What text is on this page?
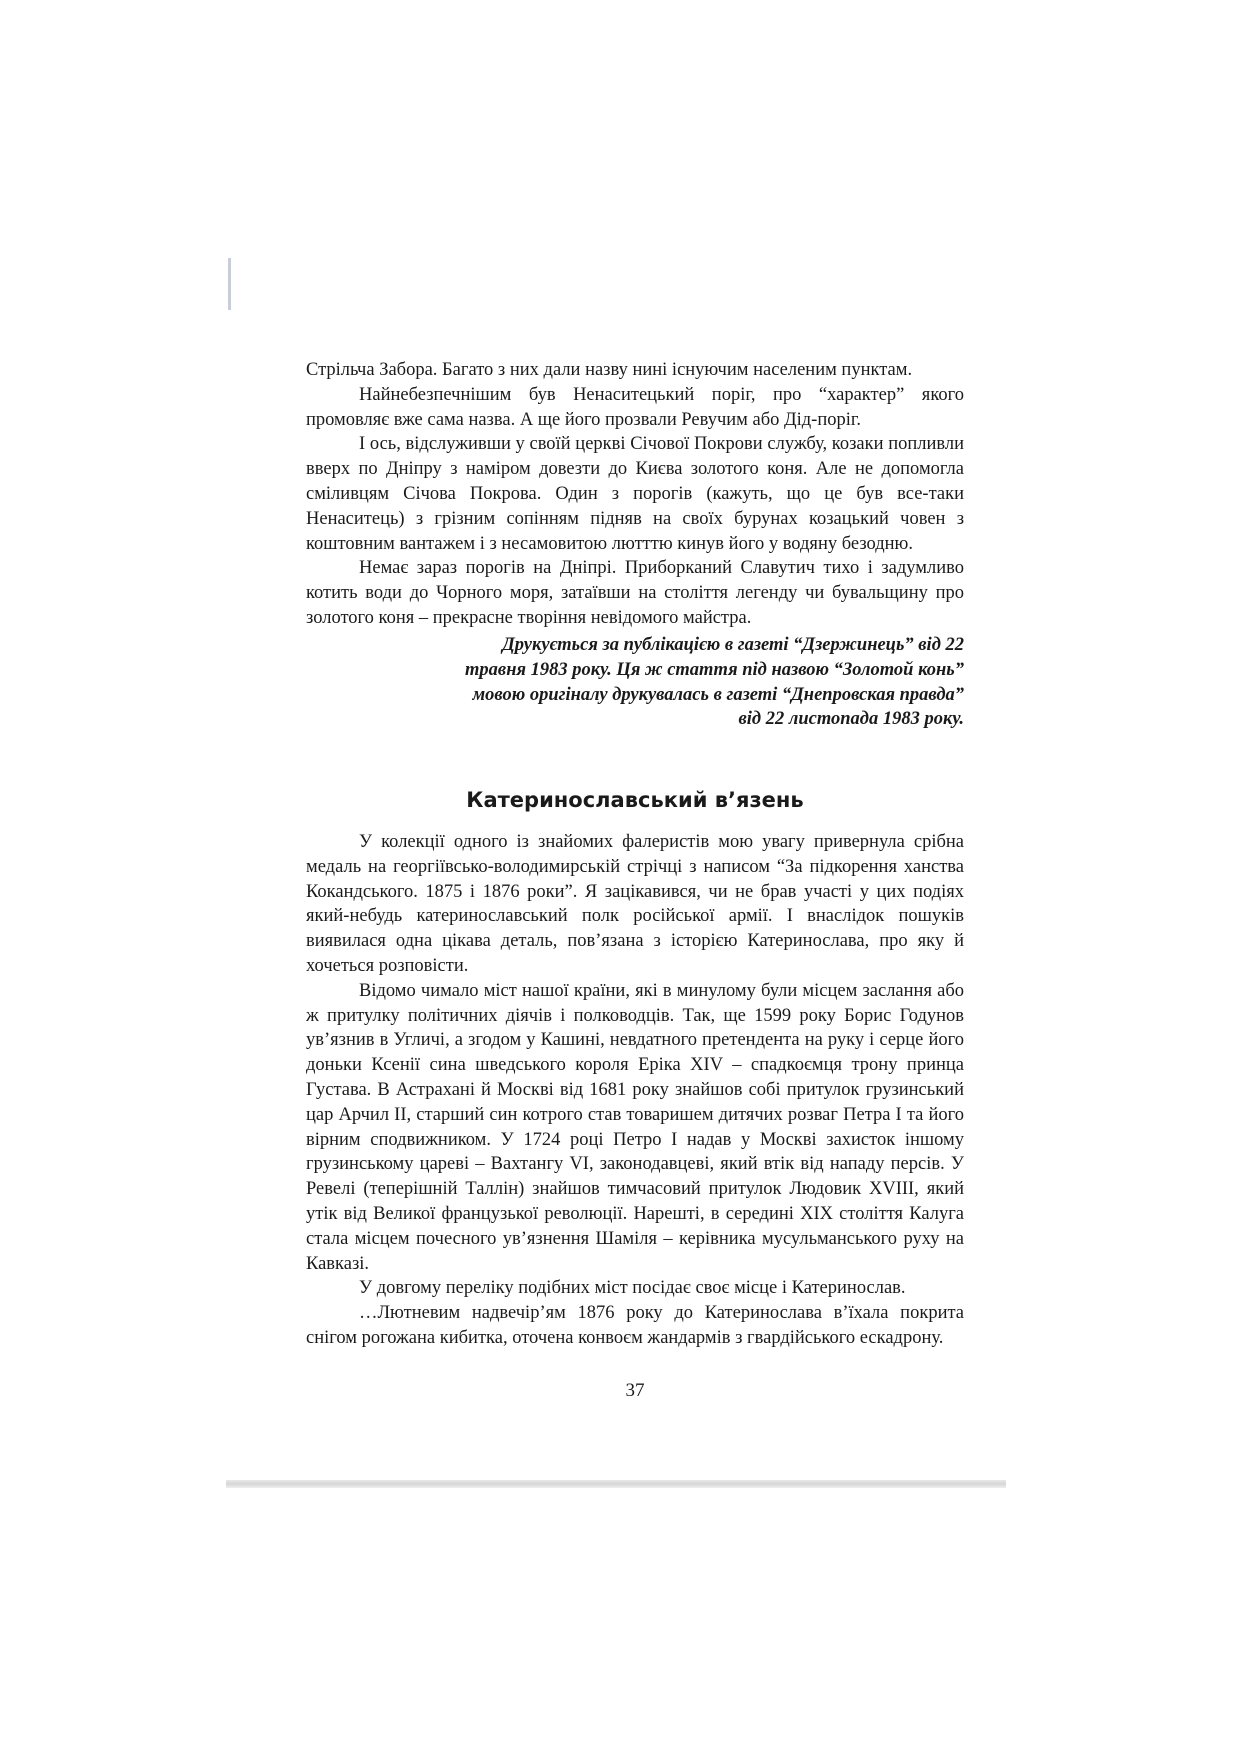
Стрільча Забора. Багато з них дали назву нині існуючим населеним пунктам.

Найнебезпечнішим був Ненаситецький поріг, про “характер” якого промовляє вже сама назва. А ще його прозвали Ревучим або Дід-поріг.

І ось, відслуживши у своїй церкві Січової Покрови службу, козаки попливли вверх по Дніпру з наміром довезти до Києва золотого коня. Але не допомогла сміливцям Січова Покрова. Один з порогів (кажуть, що це був все-таки Ненаситець) з грізним сопінням підняв на своїх бурунах козацький човен з коштовним вантажем і з несамовитою лютттю кинув його у водяну безодню.

Немає зараз порогів на Дніпрі. Приборканий Славутич тихо і задумливо котить води до Чорного моря, затаївши на століття легенду чи бувальщину про золотого коня – прекрасне творіння невідомого майстра.

Друкується за публікацією в газеті “Дзержинець” від 22
травня 1983 року. Ця ж стаття під назвою “Золотой конь”
мовою оригіналу друкувалась в газеті “Днепровская правда”
від 22 листопада 1983 року.
Катеринославський в’язень

У колекції одного із знайомих фалеристів мою увагу привернула срібна медаль на георгіївсько-володимирській стрічці з написом “За підкорення ханства Кокандського. 1875 і 1876 роки”. Я зацікавився, чи не брав участі у цих подіях який-небудь катеринославський полк російської армії. І внаслідок пошуків виявилася одна цікава деталь, пов’язана з історією Катеринослава, про яку й хочеться розповісти.

Відомо чимало міст нашої країни, які в минулому були місцем заслання або ж притулку політичних діячів і полководців. Так, ще 1599 року Борис Годунов ув’язнив в Угличі, а згодом у Кашині, невдатного претендента на руку і серце його доньки Ксенії сина шведського короля Еріка XIV – спадкоємця трону принца Густава. В Астрахані й Москві від 1681 року знайшов собі притулок грузинський цар Арчил ІІ, старший син котрого став товаришем дитячих розваг Петра І та його вірним сподвижником. У 1724 році Петро І надав у Москві захисток іншому грузинському цареві – Вахтангу VI, законодавцеві, який втік від нападу персів. У Ревелі (теперішній Таллін) знайшов тимчасовий притулок Людовик XVIII, який утік від Великої французької революції. Нарешті, в середині ХІХ століття Калуга стала місцем почесного ув’язнення Шаміля – керівника мусульманського руху на Кавказі.

У довгому переліку подібних міст посідає своє місце і Катеринослав.

…Лютневим надвечір’ям 1876 року до Катеринослава в’їхала покрита снігом рогожана кибитка, оточена конвоєм жандармів з гвардійського ескадрону.

37
